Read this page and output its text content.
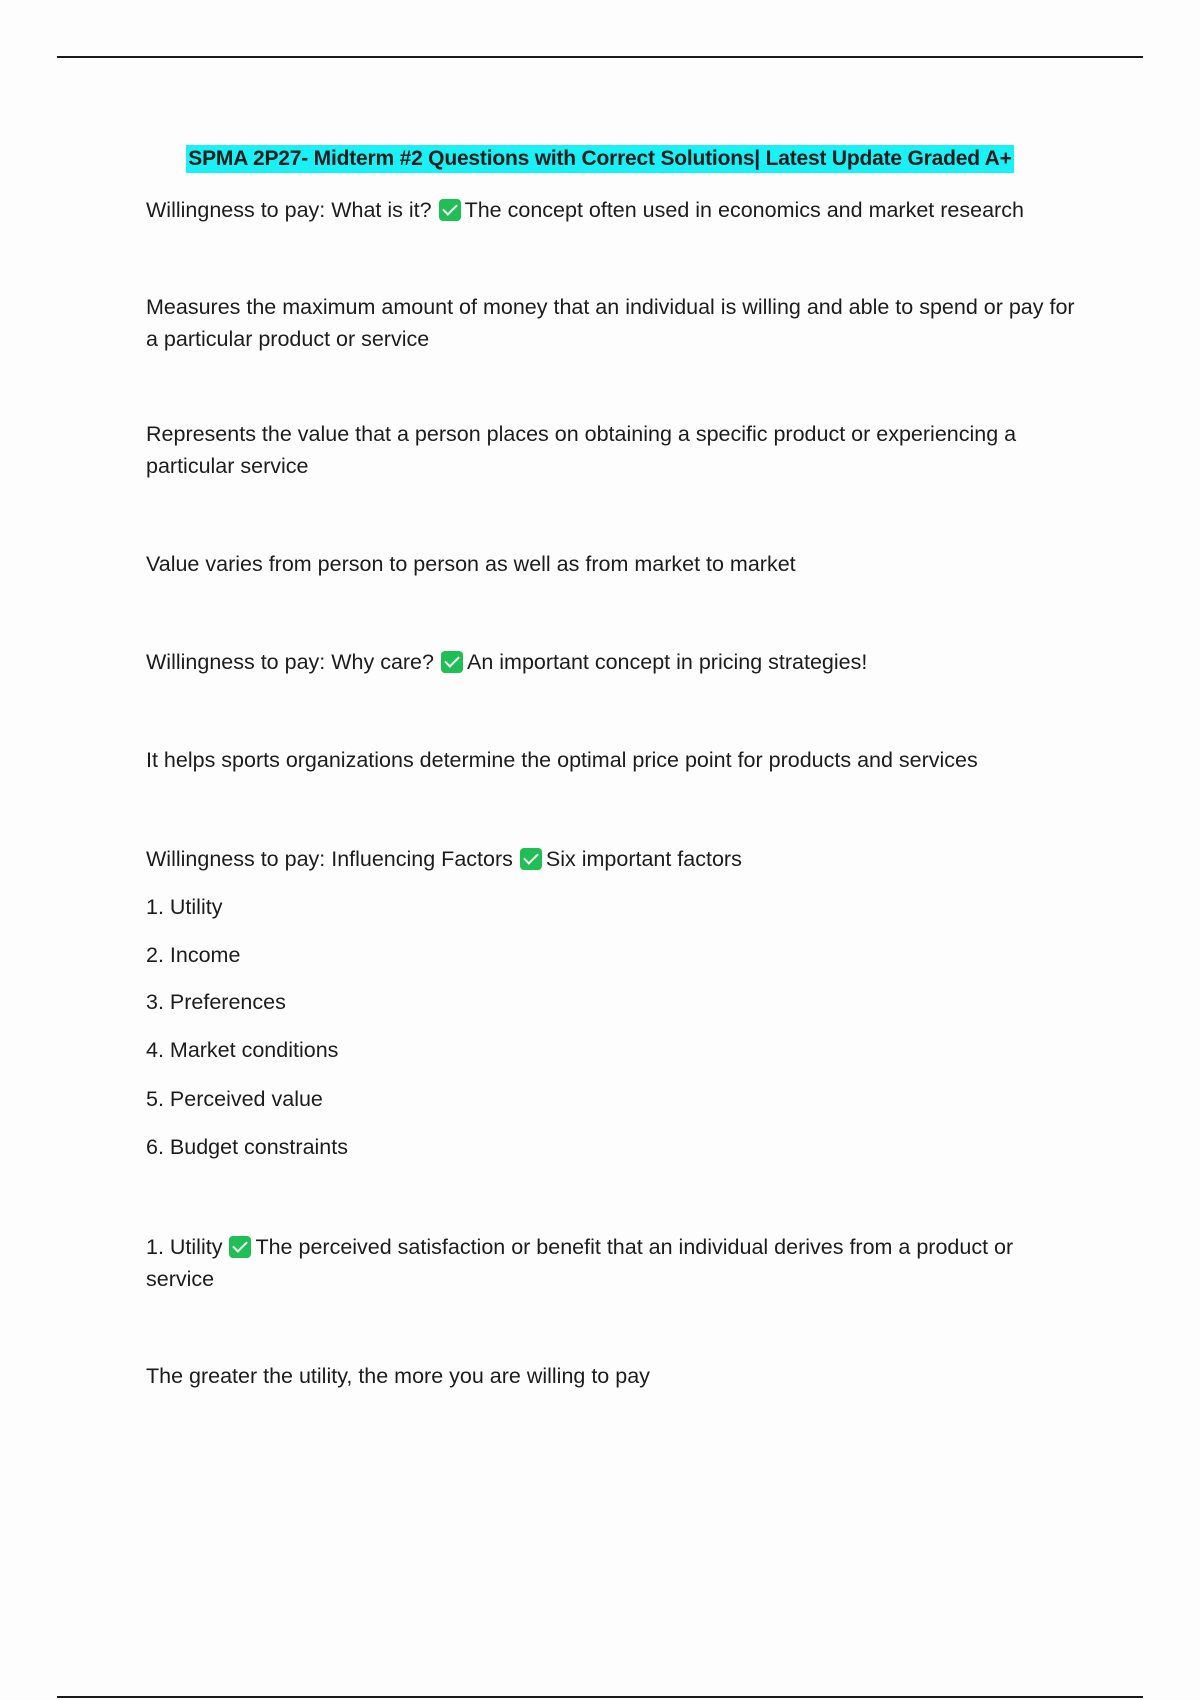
SPMA 2P27- Midterm #2 Questions with Correct Solutions| Latest Update Graded A+
Willingness to pay: What is it? The concept often used in economics and market research
Measures the maximum amount of money that an individual is willing and able to spend or pay for a particular product or service
Represents the value that a person places on obtaining a specific product or experiencing a particular service
Value varies from person to person as well as from market to market
Willingness to pay: Why care? An important concept in pricing strategies!
It helps sports organizations determine the optimal price point for products and services
Willingness to pay: Influencing Factors Six important factors
1. Utility
2. Income
3. Preferences
4. Market conditions
5. Perceived value
6. Budget constraints
1. Utility The perceived satisfaction or benefit that an individual derives from a product or service
The greater the utility, the more you are willing to pay
